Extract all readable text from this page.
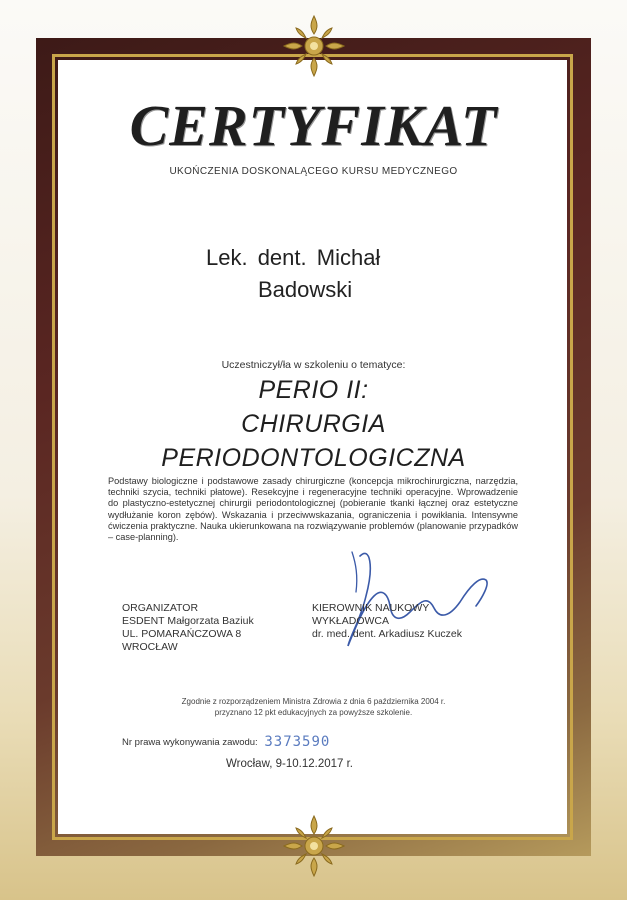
CERTYFIKAT
UKOŃCZENIA DOSKONALĄCEGO KURSU MEDYCZNEGO
Lek. dent. Michał
Badowski
Uczestniczył/ła w szkoleniu o tematyce:
PERIO II:
CHIRURGIA
PERIODONTOLOGICZNA
Podstawy biologiczne i podstawowe zasady chirurgiczne (koncepcja mikrochirurgiczna, narzędzia, techniki szycia, techniki płatowe). Resekcyjne i regeneracyjne techniki operacyjne. Wprowadzenie do plastyczno-estetycznej chirurgii periodontologicznej (pobieranie tkanki łącznej oraz estetyczne wydłużanie koron zębów). Wskazania i przeciwwskazania, ograniczenia i powikłania. Intensywne ćwiczenia praktyczne. Nauka ukierunkowana na rozwiązywanie problemów (planowanie przypadków – case-planning).
ORGANIZATOR
ESDENT Małgorzata Baziuk
UL. POMARAŃCZOWA 8
WROCŁAW
KIEROWNIK NAUKOWY
WYKŁADOWCA
dr. med. dent. Arkadiusz Kuczek
Zgodnie z rozporządzeniem Ministra Zdrowia z dnia 6 października 2004 r.
przyznano 12 pkt edukacyjnych za powyższe szkolenie.
Nr prawa wykonywania zawodu: 3373590
Wrocław, 9-10.12.2017 r.
